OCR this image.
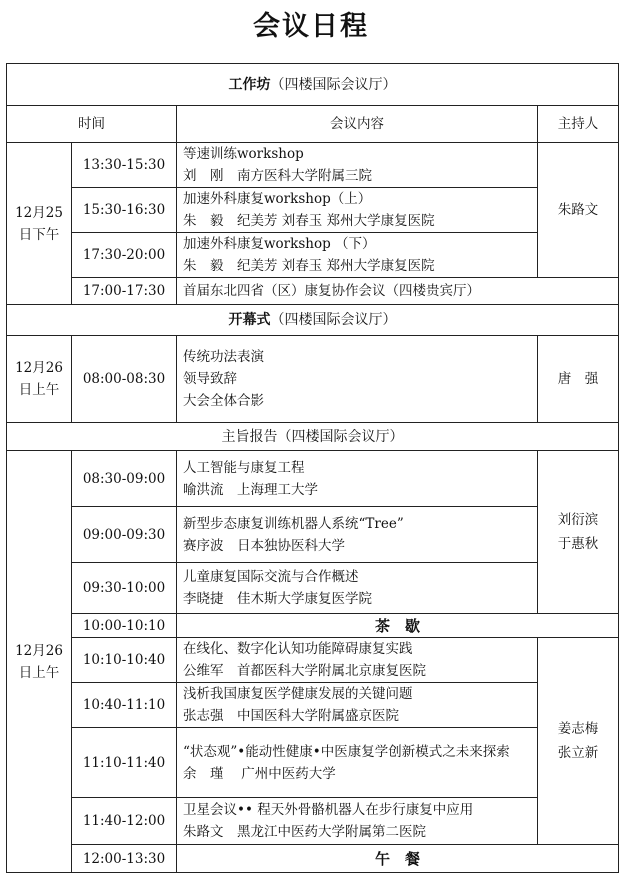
会议日程
工作坊（四楼国际会议厅）			
时间		会议内容	主持人
12月25日下午	13:30-15:30	等速训练workshop
刘　刚　南方医科大学附属三院	朱路文
	15:30-16:30	加速外科康复workshop（上）
朱　毅　纪美芳 刘春玉 郑州大学康复医院	

	17:30-20:00	加速外科康复workshop （下）
朱　毅　纪美芳 刘春玉 郑州大学康复医院	

	17:00-17:30	首届东北四省（区）康复协作会议（四楼贵宾厅）	
开幕式（四楼国际会议厅）			
12月26日上午	08:00-08:30	传统功法表演
领导致辞
大会全体合影	唐　强
主旨报告（四楼国际会议厅）			
12月26日上午	08:30-09:00	人工智能与康复工程
喻洪流　上海理工大学	刘衍滨
于惠秋

	09:00-09:30	新型步态康复训练机器人系统“Tree”
赛序波　日本独协医科大学	

	09:30-10:00	儿童康复国际交流与合作概述
李晓捷　佳木斯大学康复医学院	

	10:00-10:10	茶　歇	
	10:10-10:40	在线化、数字化认知功能障碍康复实践
公维军　首都医科大学附属北京康复医院	姜志梅
张立新

	10:40-11:10	浅析我国康复医学健康发展的关键问题
张志强　中国医科大学附属盛京医院	

	11:10-11:40	“状态观”•能动性健康•中医康复学创新模式之未来探索
余　瑾　 广州中医药大学	

	11:40-12:00	卫星会议•• 程天外骨骼机器人在步行康复中应用
朱路文　黑龙江中医药大学附属第二医院	

	12:00-13:30	午　餐	
